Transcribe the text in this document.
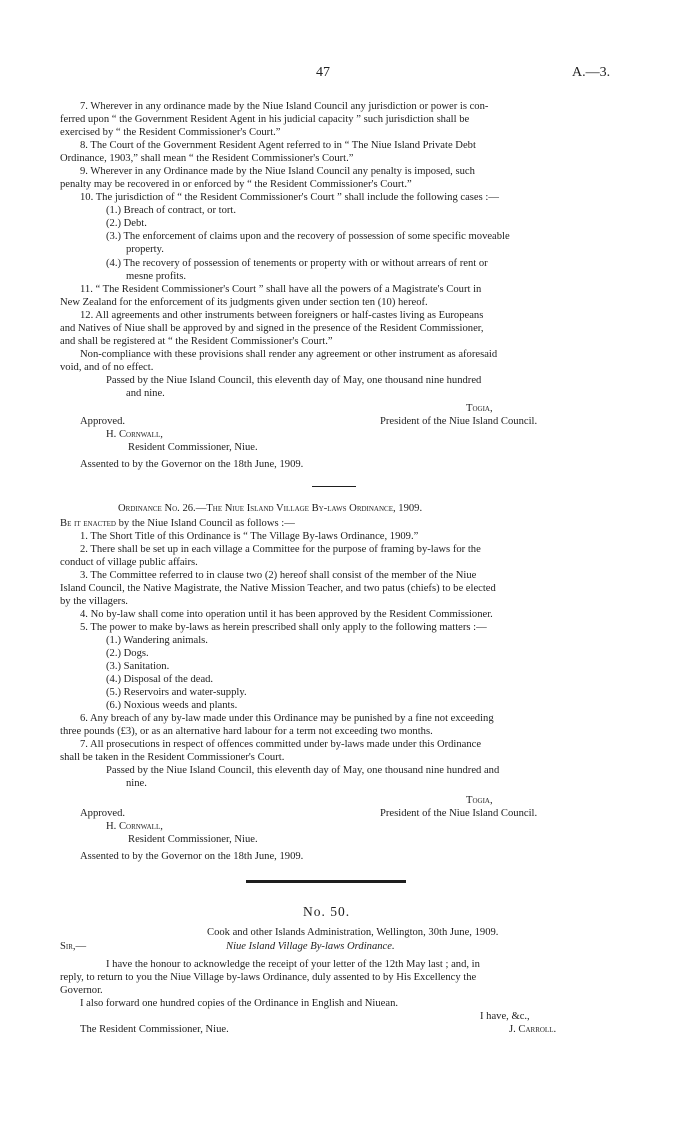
47	A.—3.
7. Wherever in any ordinance made by the Niue Island Council any jurisdiction or power is con-
ferred upon “ the Government Resident Agent in his judicial capacity ” such jurisdiction shall be
exercised by “ the Resident Commissioner's Court.”
8. The Court of the Government Resident Agent referred to in “ The Niue Island Private Debt
Ordinance, 1903,” shall mean “ the Resident Commissioner's Court.”
9. Wherever in any Ordinance made by the Niue Island Council any penalty is imposed, such
penalty may be recovered in or enforced by “ the Resident Commissioner's Court.”
10. The jurisdiction of “ the Resident Commissioner's Court ” shall include the following cases :—
(1.) Breach of contract, or tort.
(2.) Debt.
(3.) The enforcement of claims upon and the recovery of possession of some specific moveable
property.
(4.) The recovery of possession of tenements or property with or without arrears of rent or
mesne profits.
11. “ The Resident Commissioner's Court ” shall have all the powers of a Magistrate's Court in
New Zealand for the enforcement of its judgments given under section ten (10) hereof.
12. All agreements and other instruments between foreigners or half-castes living as Europeans
and Natives of Niue shall be approved by and signed in the presence of the Resident Commissioner,
and shall be registered at “ the Resident Commissioner's Court.”
Non-compliance with these provisions shall render any agreement or other instrument as aforesaid
void, and of no effect.
Passed by the Niue Island Council, this eleventh day of May, one thousand nine hundred
and nine.
Togia,
Approved.	President of the Niue Island Council.
H. Cornwall,
Resident Commissioner, Niue.
Assented to by the Governor on the 18th June, 1909.
Ordinance No. 26.—The Niue Island Village By-laws Ordinance, 1909.
Be it enacted by the Niue Island Council as follows :—
1. The Short Title of this Ordinance is “ The Village By-laws Ordinance, 1909.”
2. There shall be set up in each village a Committee for the purpose of framing by-laws for the
conduct of village public affairs.
3. The Committee referred to in clause two (2) hereof shall consist of the member of the Niue
Island Council, the Native Magistrate, the Native Mission Teacher, and two patus (chiefs) to be elected
by the villagers.
4. No by-law shall come into operation until it has been approved by the Resident Commissioner.
5. The power to make by-laws as herein prescribed shall only apply to the following matters :—
(1.) Wandering animals.
(2.) Dogs.
(3.) Sanitation.
(4.) Disposal of the dead.
(5.) Reservoirs and water-supply.
(6.) Noxious weeds and plants.
6. Any breach of any by-law made under this Ordinance may be punished by a fine not exceeding
three pounds (£3), or as an alternative hard labour for a term not exceeding two months.
7. All prosecutions in respect of offences committed under by-laws made under this Ordinance
shall be taken in the Resident Commissioner's Court.
Passed by the Niue Island Council, this eleventh day of May, one thousand nine hundred and
nine.
Togia,
Approved.	President of the Niue Island Council.
H. Cornwall,
Resident Commissioner, Niue.
Assented to by the Governor on the 18th June, 1909.
No. 50.
Cook and other Islands Administration, Wellington, 30th June, 1909.
Sir,—	Niue Island Village By-laws Ordinance.
I have the honour to acknowledge the receipt of your letter of the 12th May last ; and, in
reply, to return to you the Niue Village by-laws Ordinance, duly assented to by His Excellency the
Governor.
I also forward one hundred copies of the Ordinance in English and Niuean.
I have, &c.,
The Resident Commissioner, Niue.	J. Carroll.
